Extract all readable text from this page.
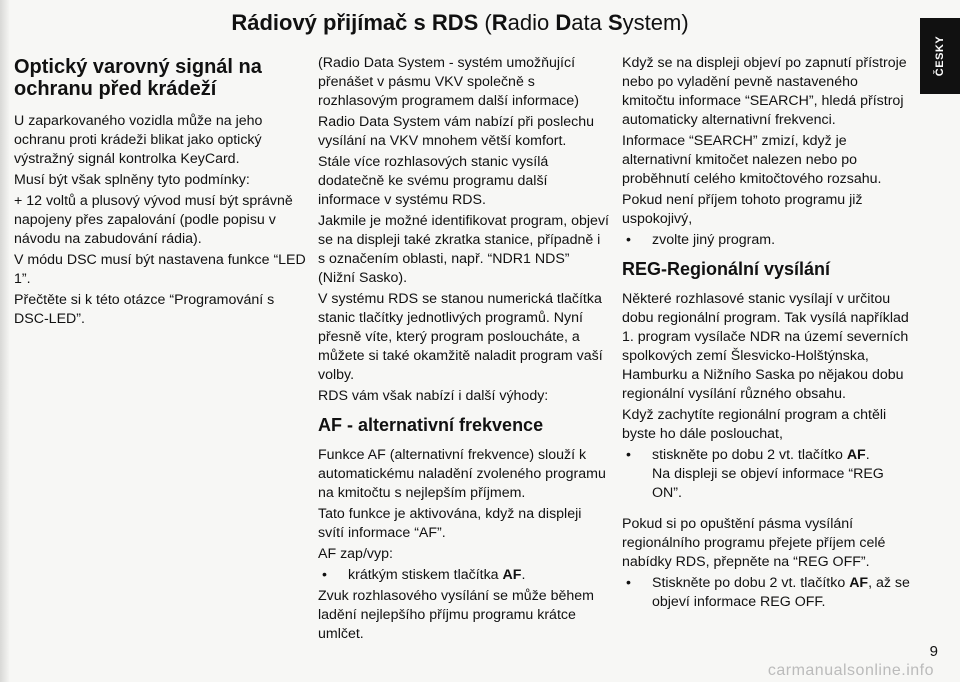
Rádiový přijímač s RDS (Radio Data System)
ČESKY
Optický varovný signál na ochranu před krádeží

U zaparkovaného vozidla může na jeho ochranu proti krádeži blikat jako optický výstražný signál kontrolka KeyCard.

Musí být však splněny tyto podmínky:

+ 12 voltů a plusový vývod musí být správně napojeny přes zapalování (podle popisu v návodu na zabudování rádia).

V módu DSC musí být nastavena funkce “LED 1”.

Přečtěte si k této otázce “Programování s DSC-LED”.

(Radio Data System - systém umožňující přenášet v pásmu VKV společně s rozhlasovým programem další informace)

Radio Data System vám nabízí při poslechu vysílání na VKV mnohem větší komfort.

Stále více rozhlasových stanic vysílá dodatečně ke svému programu další informace v systému RDS.

Jakmile je možné identifikovat program, objeví se na displeji také zkratka stanice, případně i s označením oblasti, např. “NDR1 NDS” (Nižní Sasko).

V systému RDS se stanou numerická tlačítka stanic tlačítky jednotlivých programů. Nyní přesně víte, který program posloucháte, a můžete si také okamžitě naladit program vaší volby.

RDS vám však nabízí i další výhody:

AF - alternativní frekvence

Funkce AF (alternativní frekvence) slouží k automatickému naladění zvoleného programu na kmitočtu s nejlepším příjmem.

Tato funkce je aktivována, když na displeji svítí informace “AF”.

AF zap/vyp:

•	krátkým stiskem tlačítka AF.

Zvuk rozhlasového vysílání se může během ladění nejlepšího příjmu programu krátce umlčet.

Když se na displeji objeví po zapnutí přístroje nebo po vyladění pevně nastaveného kmitočtu informace “SEARCH”, hledá přístroj automaticky alternativní frekvenci.

Informace “SEARCH” zmizí, když je alternativní kmitočet nalezen nebo po proběhnutí celého kmitočtového rozsahu.

Pokud není příjem tohoto programu již uspokojivý,

•	zvolte jiný program.
REG-Regionální vysílání

Některé rozhlasové stanic vysílají v určitou dobu regionální program. Tak vysílá například 1. program vysílače NDR na území severních spolkových zemí Šlesvicko-Holštýnska, Hamburku a Nižního Saska po nějakou dobu regionální vysílání různého obsahu.

Když zachytíte regionální program a chtěli byste ho dále poslouchat,

•	stiskněte po dobu 2 vt. tlačítko AF.
Na displeji se objeví informace “REG ON”.

Pokud si po opuštění pásma vysílání regionálního programu přejete příjem celé nabídky RDS, přepněte na “REG OFF”.

•	Stiskněte po dobu 2 vt. tlačítko AF, až se objeví informace REG OFF.
9
carmanualsonline.info
